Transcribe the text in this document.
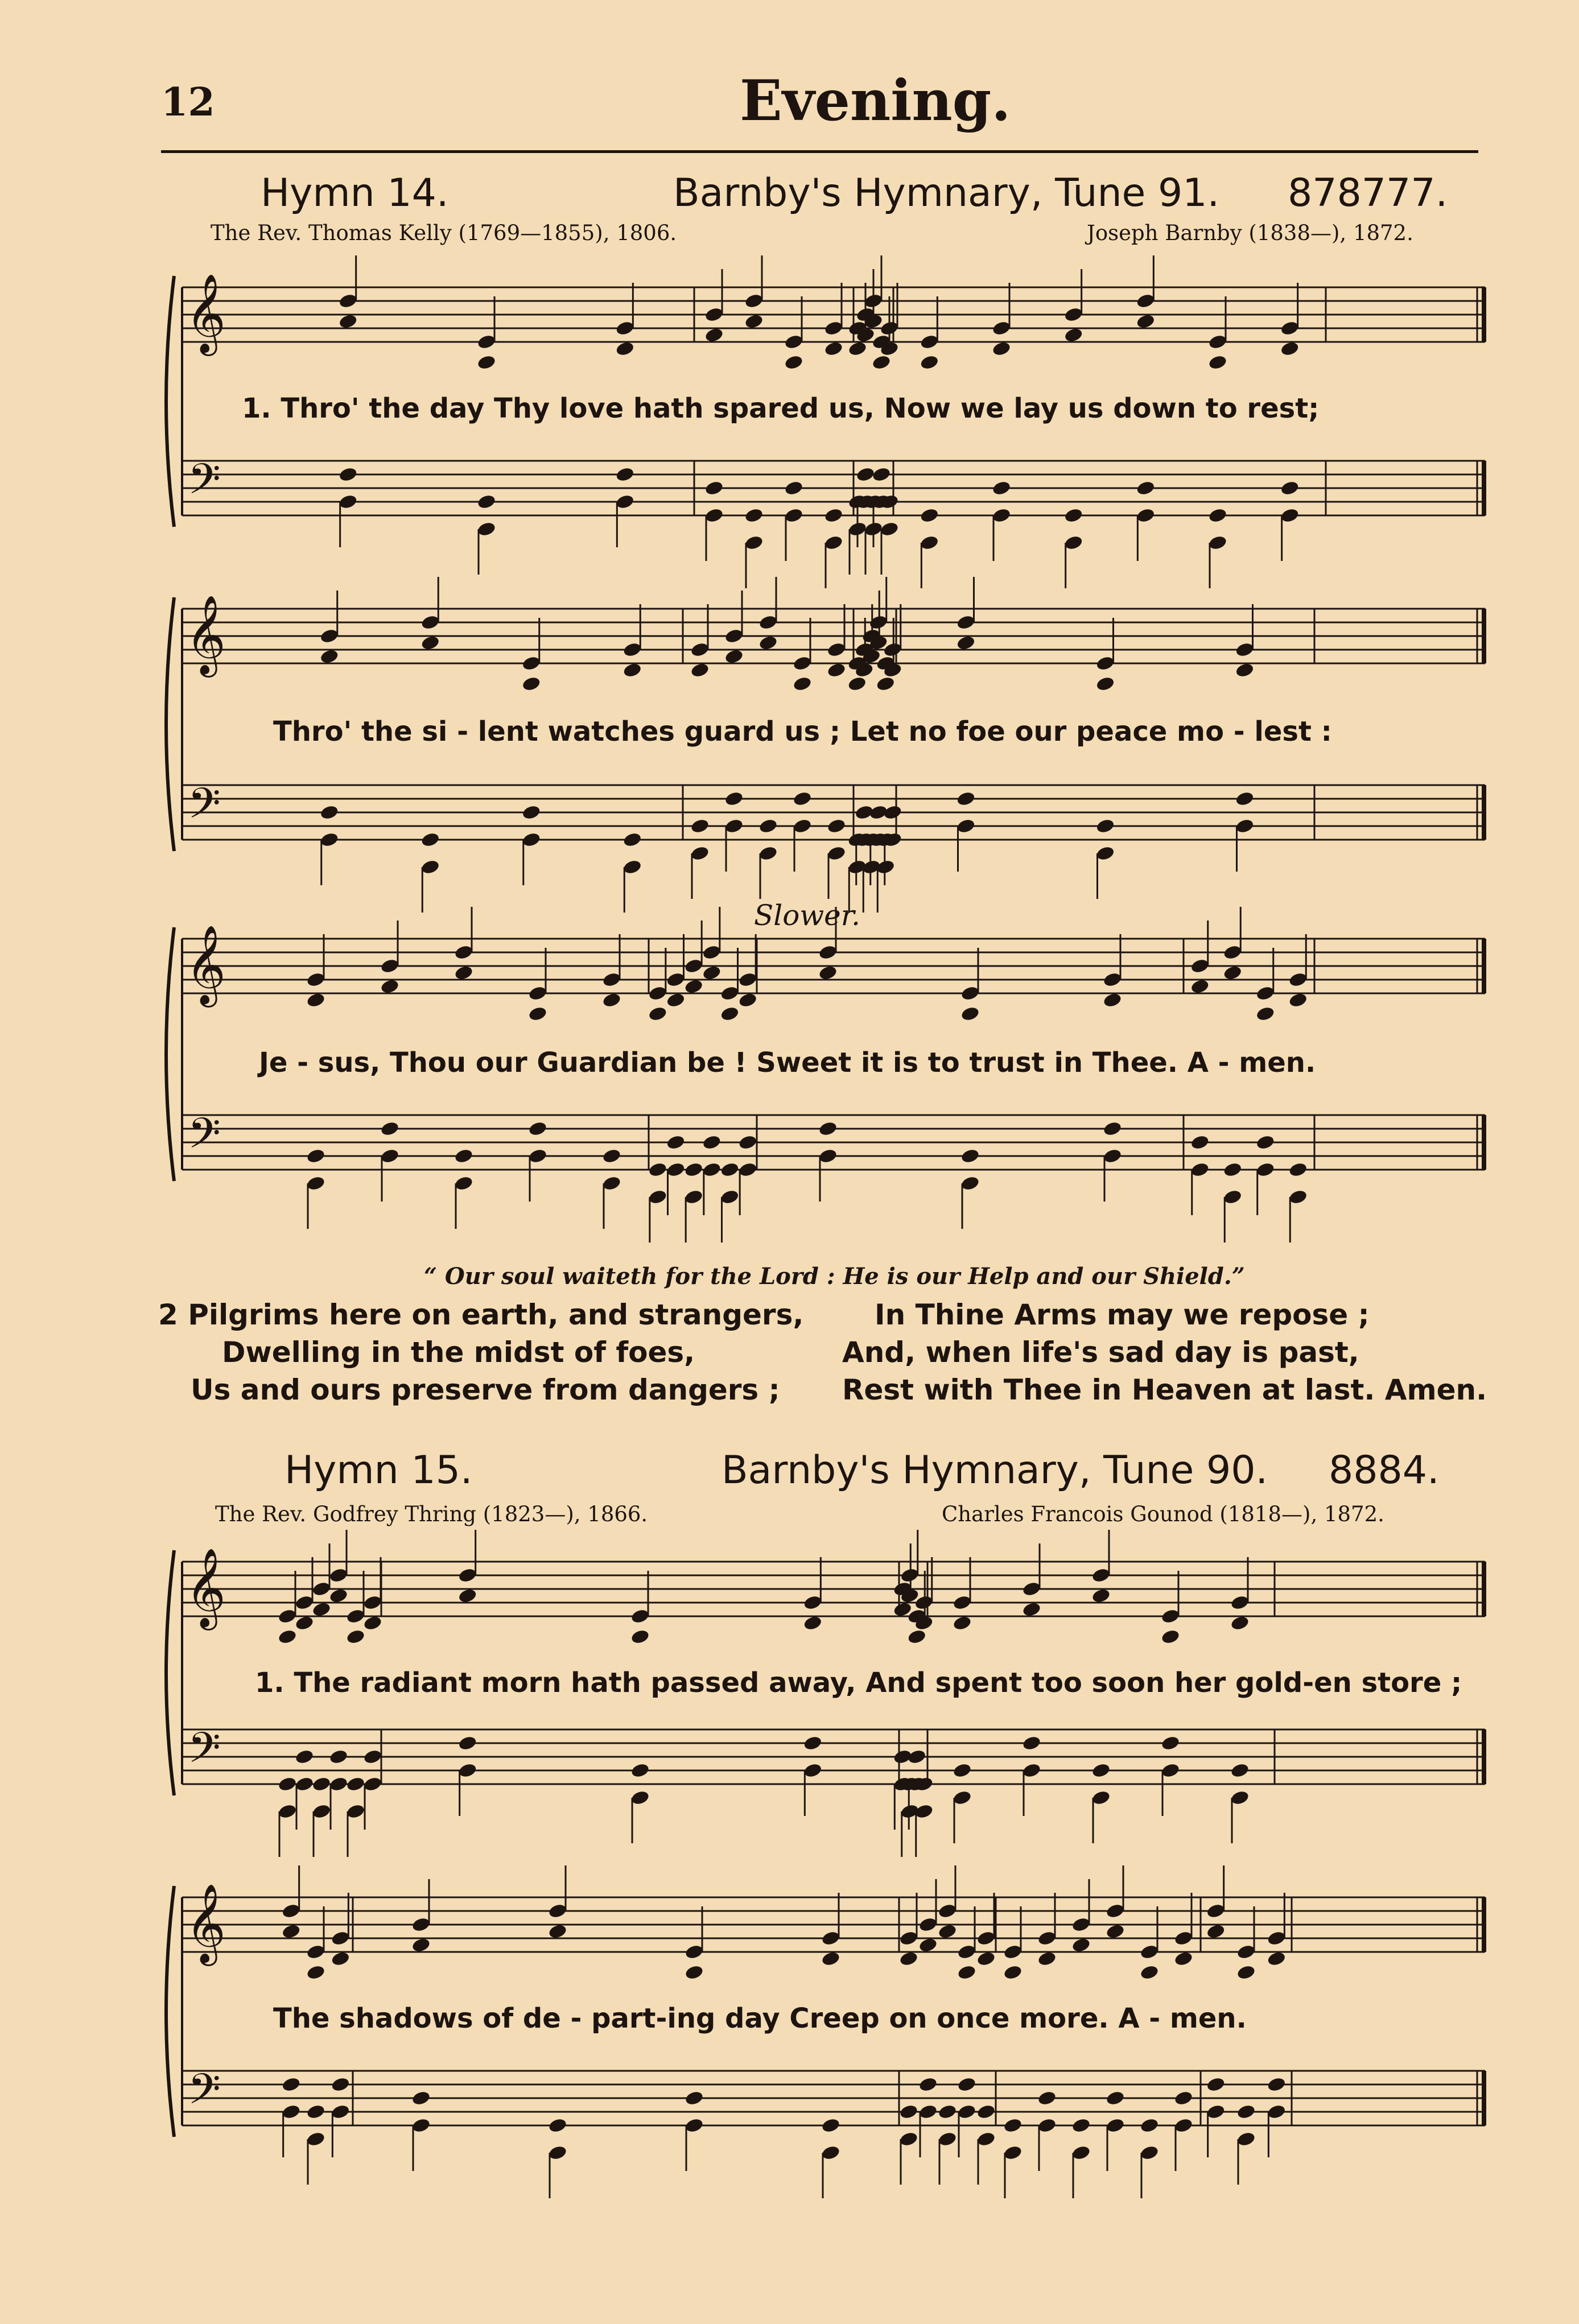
12	Evening.
Hymn 14.	Barnby's Hymnary, Tune 91. 878777.
The Rev. Thomas Kelly (1769—1855), 1806.	Joseph Barnby (1838—), 1872.
𝄞
𝄢
𝄞
𝄢
𝄞
𝄢
𝄞
𝄢
𝄞
𝄢
1. Thro' the day Thy love hath spared us, Now we lay us down to rest;
Thro' the si - lent watches guard us ; Let no foe our peace mo - lest :
Slower.
Je - sus, Thou our Guardian be ! Sweet it is to trust in Thee. A - men.
“ Our soul waiteth for the Lord : He is our Help and our Shield.”
2 Pilgrims here on earth, and strangers,
Dwelling in the midst of foes,
Us and ours preserve from dangers ;
In Thine Arms may we repose ;
And, when life's sad day is past,
Rest with Thee in Heaven at last. Amen.
Hymn 15.	Barnby's Hymnary, Tune 90. 8884.
The Rev. Godfrey Thring (1823—), 1866.	Charles Francois Gounod (1818—), 1872.
1. The radiant morn hath passed away, And spent too soon her gold-en store ;
The shadows of de - part-ing day Creep on once more. A - men.
